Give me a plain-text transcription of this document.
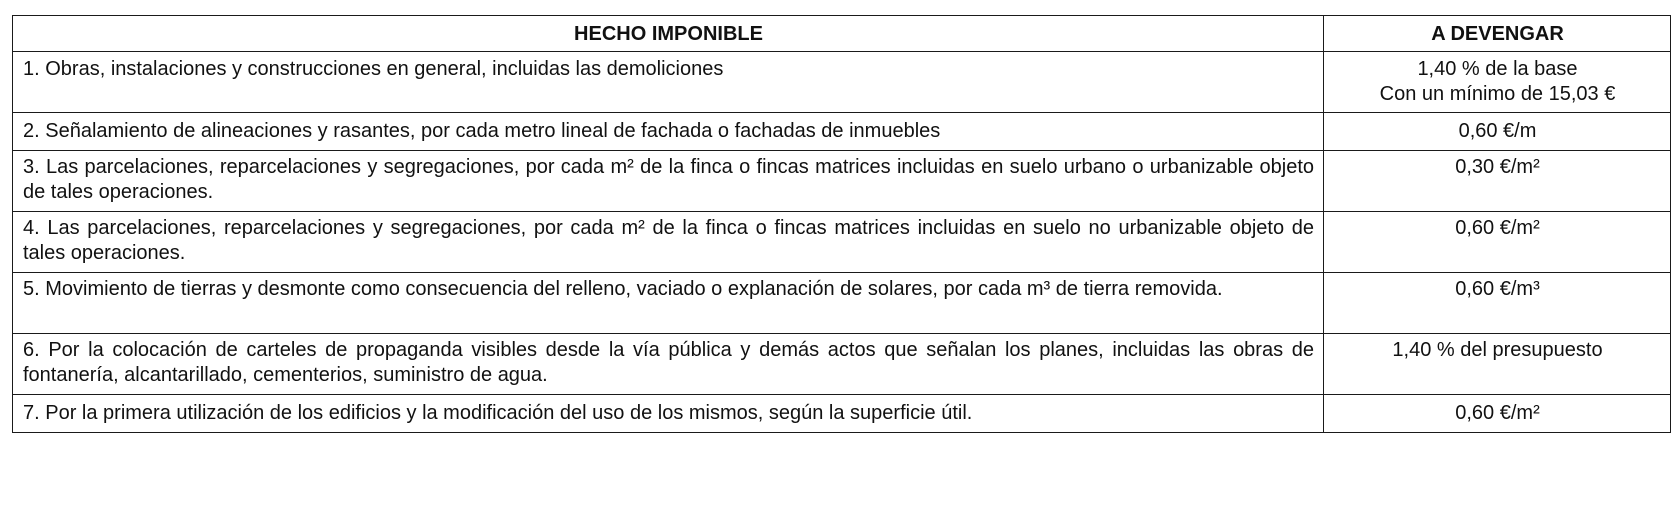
HECHO IMPONIBLE	A DEVENGAR
1. Obras, instalaciones y construcciones en general, incluidas las demoliciones	1,40 % de la base
Con un mínimo de 15,03 €

2. Señalamiento de alineaciones y rasantes, por cada metro lineal de fachada o fachadas de inmuebles	0,60 €/m
3. Las parcelaciones, reparcelaciones y segregaciones, por cada m² de la finca o fincas matrices incluidas en suelo urbano o urbanizable objeto de tales operaciones.	0,30 €/m²
4. Las parcelaciones, reparcelaciones y segregaciones, por cada m² de la finca o fincas matrices incluidas en suelo no urbanizable objeto de tales operaciones.	0,60 €/m²
5. Movimiento de tierras y desmonte como consecuencia del relleno, vaciado o explanación de solares, por cada m³ de tierra removida.	0,60 €/m³
6. Por la colocación de carteles de propaganda visibles desde la vía pública y demás actos que señalan los planes, incluidas las obras de fontanería, alcantarillado, cementerios, suministro de agua.	1,40 % del presupuesto
7. Por la primera utilización de los edificios y la modificación del uso de los mismos, según la superficie útil.	0,60 €/m²
